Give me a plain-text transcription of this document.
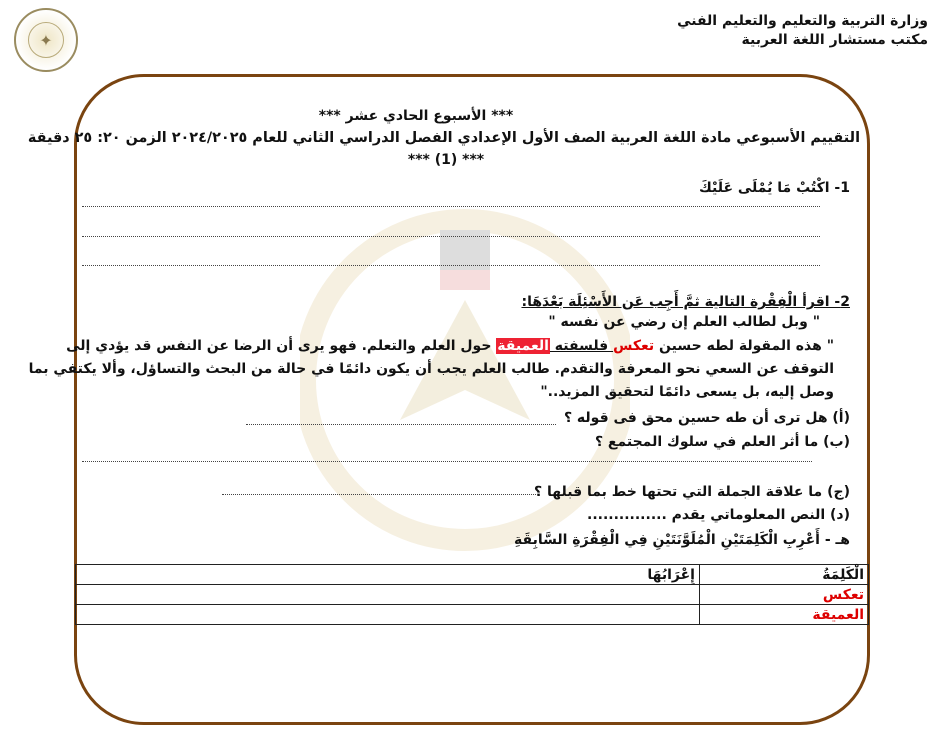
✦
وزارة التربية والتعليم والتعليم الفني
مكتب مستشار اللغة العربية
*** الأسبوع الحادي عشر ***
التقييم الأسبوعي مادة اللغة العربية الصف الأول الإعدادي الفصل الدراسي الثاني للعام ٢٠٢٤/٢٠٢٥ الزمن ٢٠: ٢٥ دقيقة
*** (1) ***
1- اكْتُبْ مَا يُمْلَى عَلَيْكَ
2- اقرأ الْفِقْرة التالية ثمَّ أَجِب عَن الأَسْئِلَة بَعْدَهَا:
" وبل لطالب العلم إن رضي عن نفسه "
" هذه المقولة لطه حسين تعكس فلسفته العميقة حول العلم والتعلم. فهو يرى أن الرضا عن النفس قد يؤدي إلى
التوقف عن السعي نحو المعرفة والتقدم. طالب العلم يجب أن يكون دائمًا في حالة من البحث والتساؤل، وألا يكتفي بما
وصل إليه، بل يسعى دائمًا لتحقيق المزيد.."
(أ) هل ترى أن طه حسين محق فى قوله ؟
(ب) ما أثر العلم في سلوك المجتمع ؟
(ج) ما علاقة الجملة التي تحتها خط بما قبلها ؟
(د) النص المعلوماتي يقدم ...............
هـ - أَعْرِبِ الْكَلِمَتَيْنِ الْمُلَوَّنَتَيْنِ فِي الْفِقْرَةِ السَّابِقَةِ
الْكَلِمَةُ	إِعْرَابُهَا
تعكس	
العميقة	
